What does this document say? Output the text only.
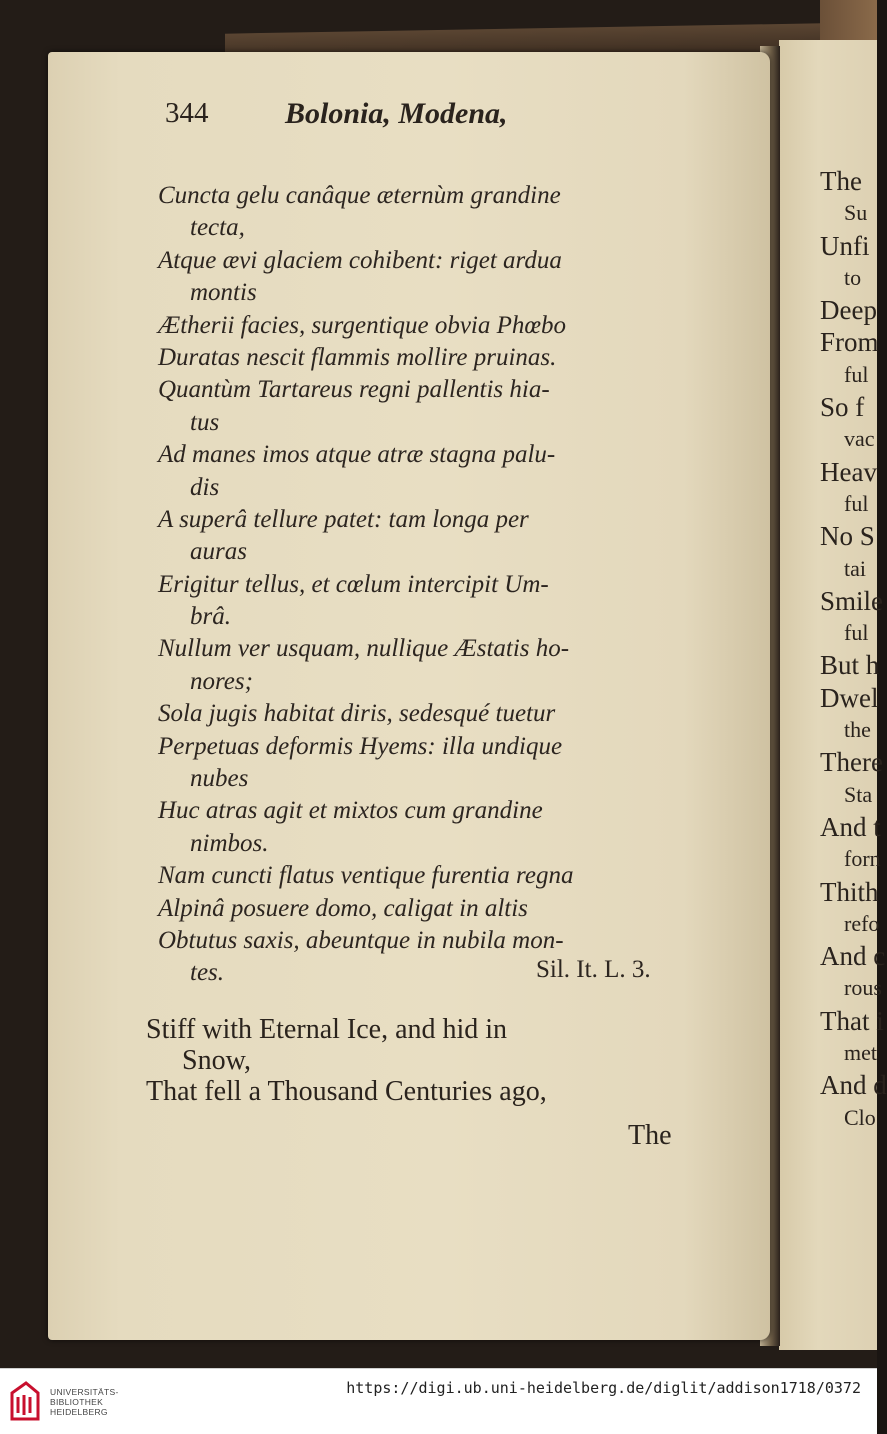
344	Bolonia, Modena,
Cuncta gelu canâque æternùm grandine
tecta,
Atque ævi glaciem cohibent: riget ardua
montis
Ætherii facies, surgentique obvia Phœbo
Duratas nescit flammis mollire pruinas.
Quantùm Tartareus regni pallentis hia-
tus
Ad manes imos atque atræ stagna palu-
dis
A superâ tellure patet: tam longa per
auras
Erigitur tellus, et cœlum intercipit Um-
brâ.
Nullum ver usquam, nullique Æstatis ho-
nores;
Sola jugis habitat diris, sedesqué tuetur
Perpetuas deformis Hyems: illa undique
nubes
Huc atras agit et mixtos cum grandine
nimbos.
Nam cuncti flatus ventique furentia regna
Alpinâ posuere domo, caligat in altis
Obtutus saxis, abeuntque in nubila mon-
tes.	Sil. It. L. 3.
Stiff with Eternal Ice, and hid in
Snow,
That fell a Thousand Centuries ago,
The
The
Su
Unfi
to
Deep
From
ful
So f
vac
Heav
ful
No S
tai
Smile
ful
But h
Dwel
the
There
Sta
And t
forn
Thith
refo
And c
rous
That i
met
And d
Clo
UNIVERSITÄTS-
BIBLIOTHEK
HEIDELBERG
https://digi.ub.uni-heidelberg.de/diglit/addison1718/0372
